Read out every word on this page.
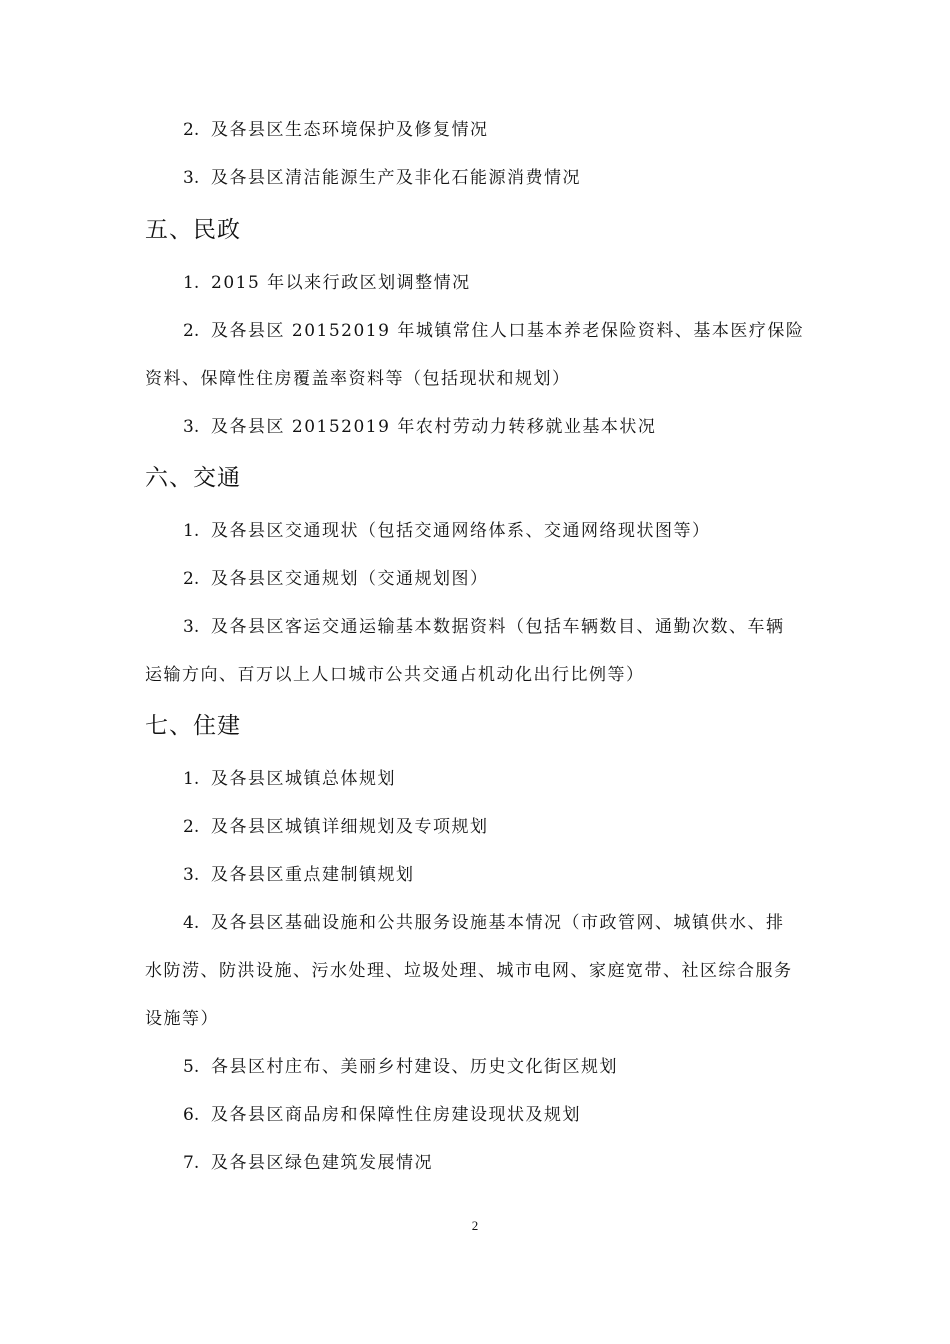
2. 及各县区生态环境保护及修复情况
3. 及各县区清洁能源生产及非化石能源消费情况
五、民政
1. 2015 年以来行政区划调整情况
2. 及各县区 20152019 年城镇常住人口基本养老保险资料、基本医疗保险
资料、保障性住房覆盖率资料等（包括现状和规划）
3. 及各县区 20152019 年农村劳动力转移就业基本状况
六、交通
1. 及各县区交通现状（包括交通网络体系、交通网络现状图等）
2. 及各县区交通规划（交通规划图）
3. 及各县区客运交通运输基本数据资料（包括车辆数目、通勤次数、车辆
运输方向、百万以上人口城市公共交通占机动化出行比例等）
七、住建
1. 及各县区城镇总体规划
2. 及各县区城镇详细规划及专项规划
3. 及各县区重点建制镇规划
4. 及各县区基础设施和公共服务设施基本情况（市政管网、城镇供水、排
水防涝、防洪设施、污水处理、垃圾处理、城市电网、家庭宽带、社区综合服务
设施等）
5. 各县区村庄布、美丽乡村建设、历史文化街区规划
6. 及各县区商品房和保障性住房建设现状及规划
7. 及各县区绿色建筑发展情况
2
